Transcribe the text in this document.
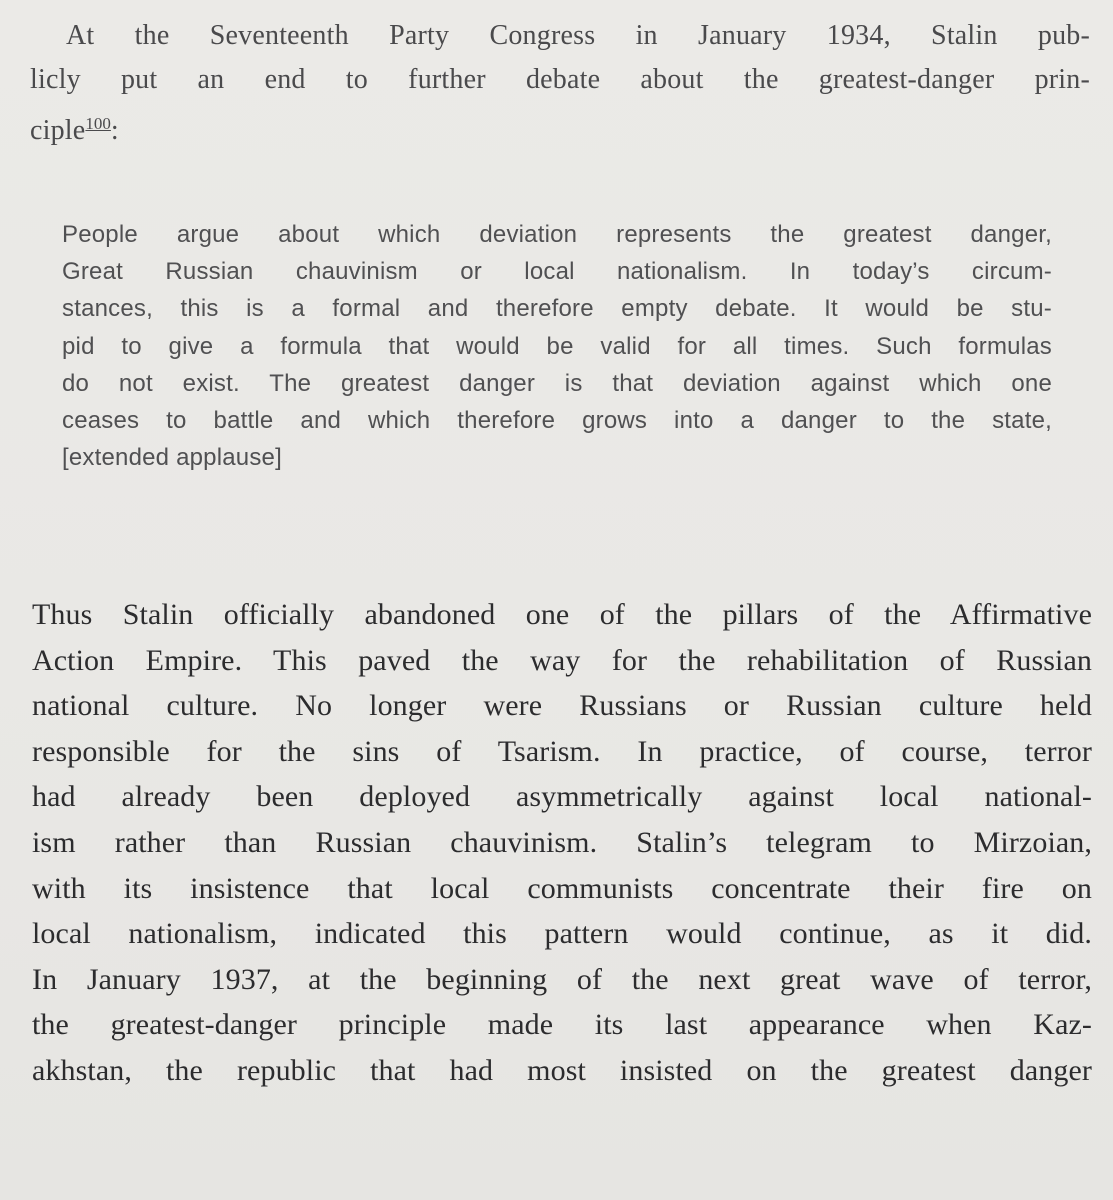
At the Seventeenth Party Congress in January 1934, Stalin pub-
licly put an end to further debate about the greatest-danger prin-
ciple$^{100}$:
People argue about which deviation represents the greatest danger,
Great Russian chauvinism or local nationalism. In today’s circum-
stances, this is a formal and therefore empty debate. It would be stu-
pid to give a formula that would be valid for all times. Such formulas
do not exist. The greatest danger is that deviation against which one
ceases to battle and which therefore grows into a danger to the state,
[extended applause]
Thus Stalin officially abandoned one of the pillars of the Affirmative
Action Empire. This paved the way for the rehabilitation of Russian
national culture. No longer were Russians or Russian culture held
responsible for the sins of Tsarism. In practice, of course, terror
had already been deployed asymmetrically against local national-
ism rather than Russian chauvinism. Stalin’s telegram to Mirzoian,
with its insistence that local communists concentrate their fire on
local nationalism, indicated this pattern would continue, as it did.
In January 1937, at the beginning of the next great wave of terror,
the greatest-danger principle made its last appearance when Kaz-
akhstan, the republic that had most insisted on the greatest danger
